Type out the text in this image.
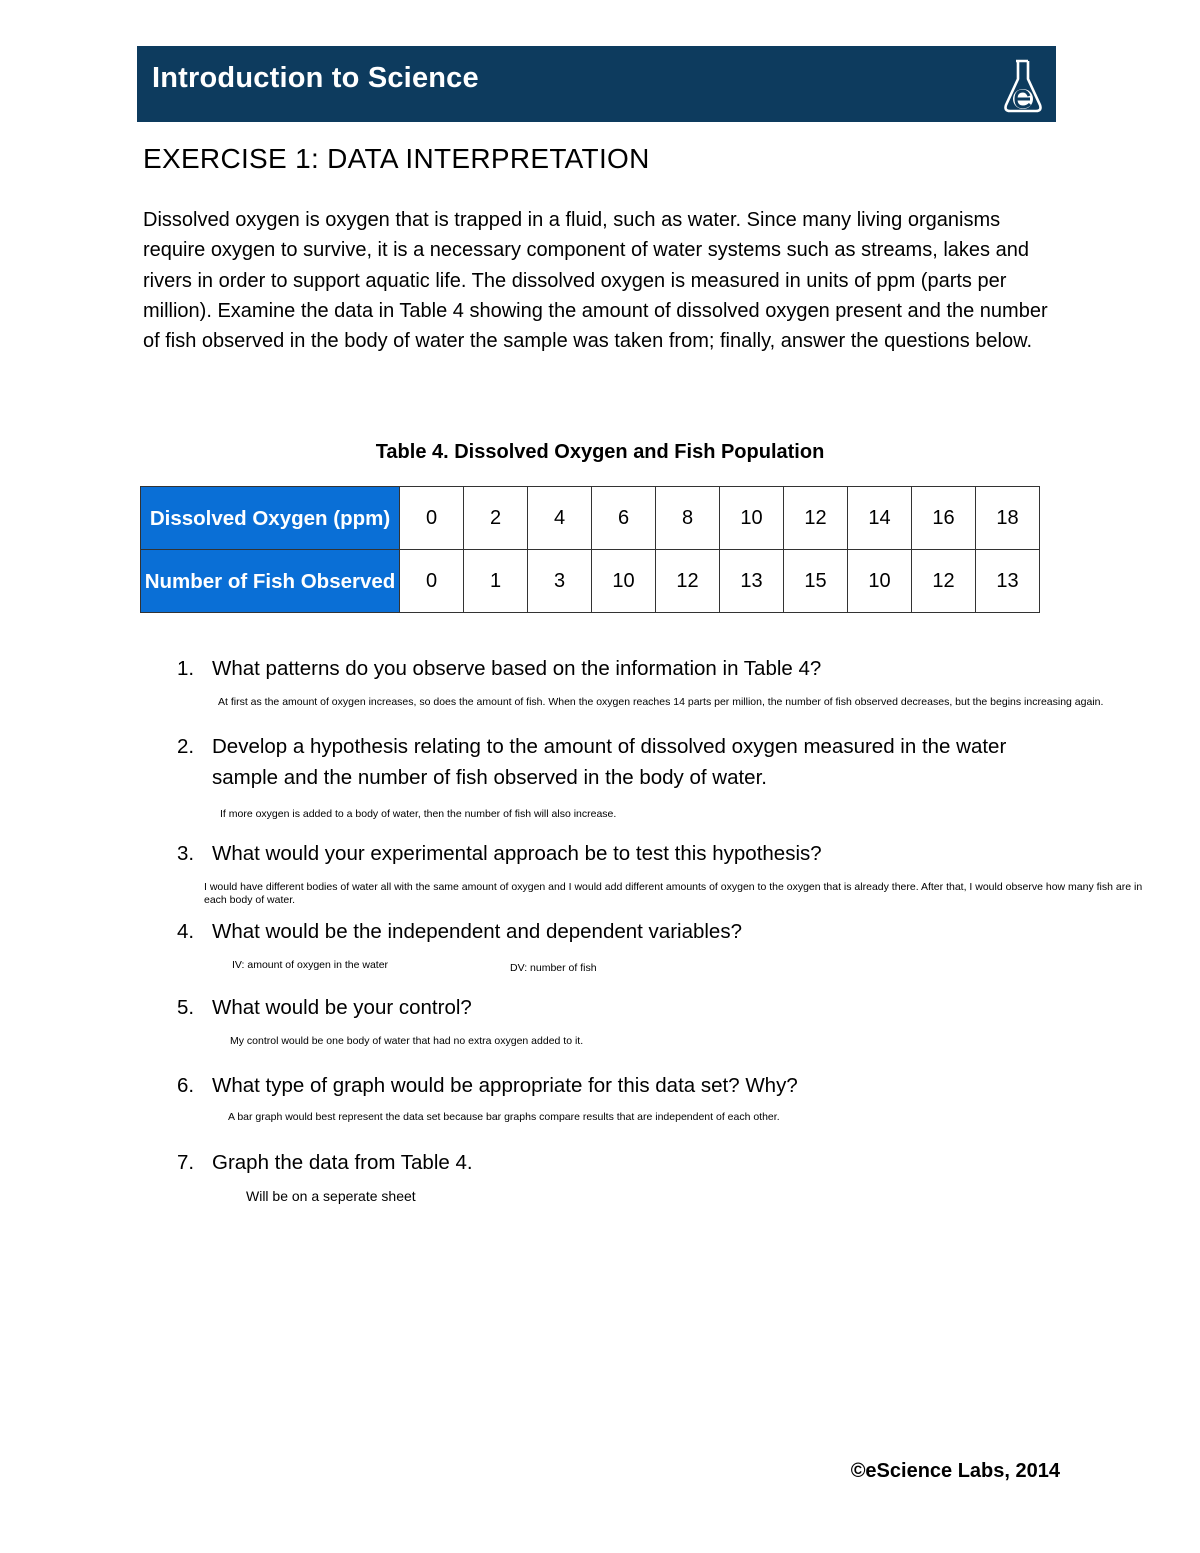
Introduction to Science
EXERCISE 1: DATA INTERPRETATION

Dissolved oxygen is oxygen that is trapped in a fluid, such as water. Since many living organisms require oxygen to survive, it is a necessary component of water systems such as streams, lakes and rivers in order to support aquatic life. The dissolved oxygen is measured in units of ppm (parts per million). Examine the data in Table 4 showing the amount of dissolved oxygen present and the number of fish observed in the body of water the sample was taken from; finally, answer the questions below.

Table 4. Dissolved Oxygen and Fish Population
Dissolved Oxygen (ppm)	0	2	4	6	8	10	12	14	16	18
Number of Fish Observed	0	1	3	10	12	13	15	10	12	13
1. What patterns do you observe based on the information in Table 4?
At first as the amount of oxygen increases, so does the amount of fish. When the oxygen reaches 14 parts per million, the number of fish observed decreases, but the begins increasing again.
2. Develop a hypothesis relating to the amount of dissolved oxygen measured in the water sample and the number of fish observed in the body of water.
If more oxygen is added to a body of water, then the number of fish will also increase.
3. What would your experimental approach be to test this hypothesis?
I would have different bodies of water all with the same amount of oxygen and I would add different amounts of oxygen to the oxygen that is already there. After that, I would observe how many fish are in each body of water.
4. What would be the independent and dependent variables?
IV: amount of oxygen in the water	DV: number of fish
5. What would be your control?
My control would be one body of water that had no extra oxygen added to it.
6. What type of graph would be appropriate for this data set? Why?
A bar graph would best represent the data set because bar graphs compare results that are independent of each other.
7. Graph the data from Table 4.
Will be on a seperate sheet
©eScience Labs, 2014
